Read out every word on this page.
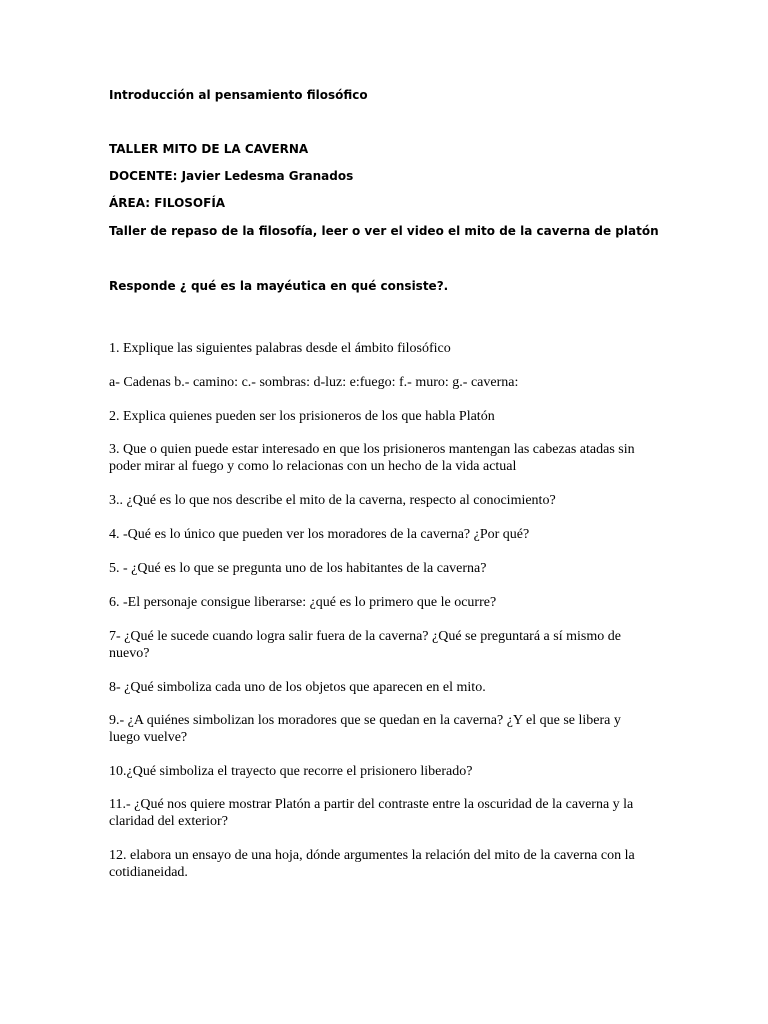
Introducción al pensamiento filosófico

TALLER MITO DE LA CAVERNA

DOCENTE: Javier Ledesma Granados

ÁREA: FILOSOFÍA

Taller de repaso de la filosofía, leer o ver el video el mito de la caverna de platón

Responde ¿ qué es la mayéutica en qué consiste?.

1. Explique las siguientes palabras desde el ámbito filosófico

a- Cadenas b.- camino: c.- sombras: d-luz: e:fuego: f.- muro: g.- caverna:

2. Explica quienes pueden ser los prisioneros de los que habla Platón

3. Que o quien puede estar interesado en que los prisioneros mantengan las cabezas atadas sin poder mirar al fuego y como lo relacionas con un hecho de la vida actual

3.. ¿Qué es lo que nos describe el mito de la caverna, respecto al conocimiento?

4. -Qué es lo único que pueden ver los moradores de la caverna? ¿Por qué?

5. - ¿Qué es lo que se pregunta uno de los habitantes de la caverna?

6. -El personaje consigue liberarse: ¿qué es lo primero que le ocurre?

7- ¿Qué le sucede cuando logra salir fuera de la caverna? ¿Qué se preguntará a sí mismo de nuevo?

8- ¿Qué simboliza cada uno de los objetos que aparecen en el mito.

9.- ¿A quiénes simbolizan los moradores que se quedan en la caverna? ¿Y el que se libera y luego vuelve?

10.¿Qué simboliza el trayecto que recorre el prisionero liberado?

11.- ¿Qué nos quiere mostrar Platón a partir del contraste entre la oscuridad de la caverna y la claridad del exterior?

12. elabora un ensayo de una hoja, dónde argumentes la relación del mito de la caverna con la cotidianeidad.
